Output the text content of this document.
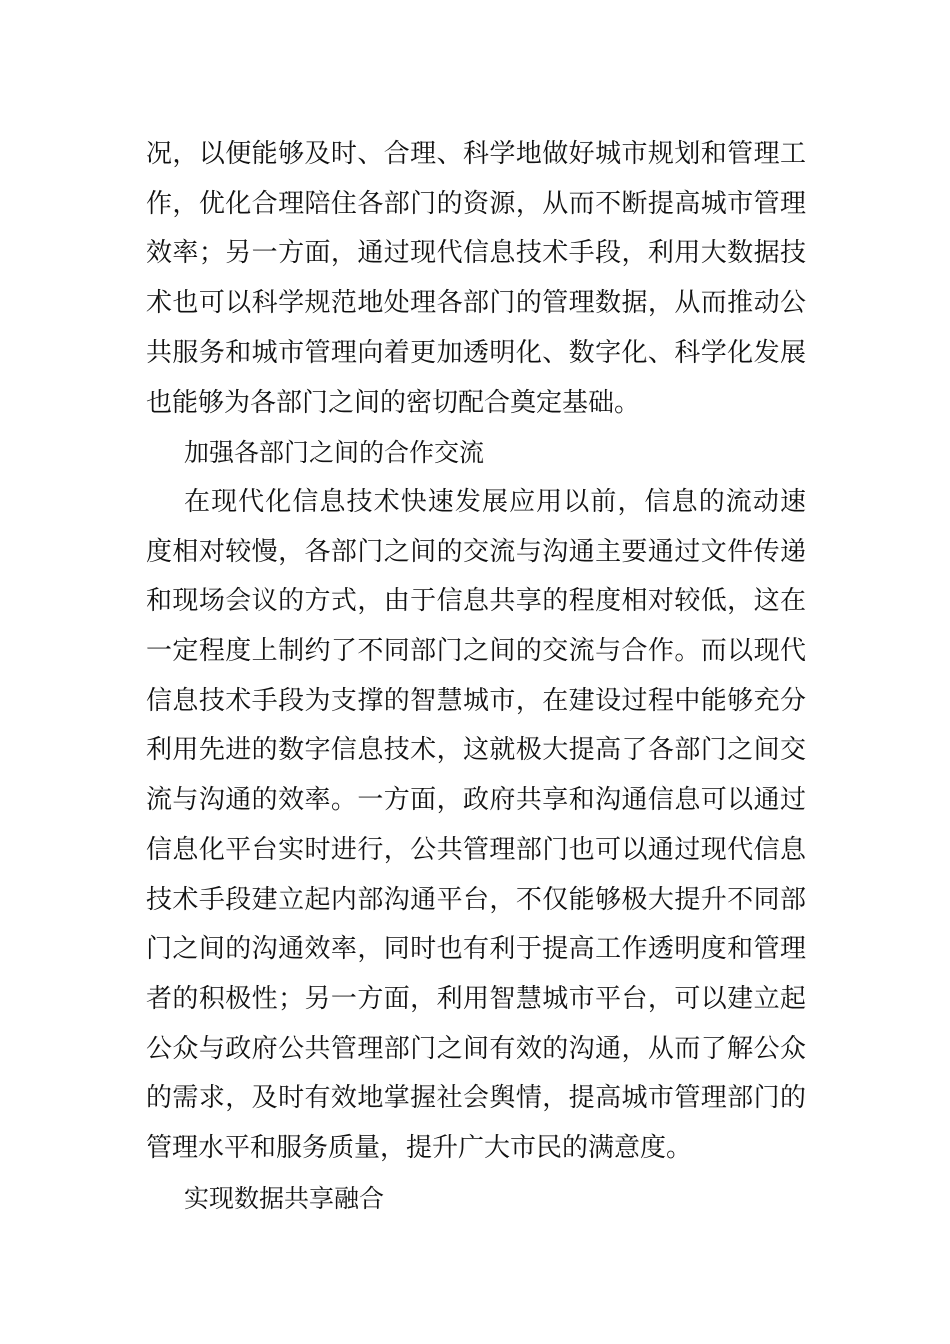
况，以便能够及时、合理、科学地做好城市规划和管理工作，优化合理陪住各部门的资源，从而不断提高城市管理效率；另一方面，通过现代信息技术手段，利用大数据技术也可以科学规范地处理各部门的管理数据，从而推动公共服务和城市管理向着更加透明化、数字化、科学化发展也能够为各部门之间的密切配合奠定基础。

加强各部门之间的合作交流

在现代化信息技术快速发展应用以前，信息的流动速度相对较慢，各部门之间的交流与沟通主要通过文件传递和现场会议的方式，由于信息共享的程度相对较低，这在一定程度上制约了不同部门之间的交流与合作。而以现代信息技术手段为支撑的智慧城市，在建设过程中能够充分利用先进的数字信息技术，这就极大提高了各部门之间交流与沟通的效率。一方面，政府共享和沟通信息可以通过信息化平台实时进行，公共管理部门也可以通过现代信息技术手段建立起内部沟通平台，不仅能够极大提升不同部门之间的沟通效率，同时也有利于提高工作透明度和管理者的积极性；另一方面，利用智慧城市平台，可以建立起公众与政府公共管理部门之间有效的沟通，从而了解公众的需求，及时有效地掌握社会舆情，提高城市管理部门的管理水平和服务质量，提升广大市民的满意度。

实现数据共享融合
